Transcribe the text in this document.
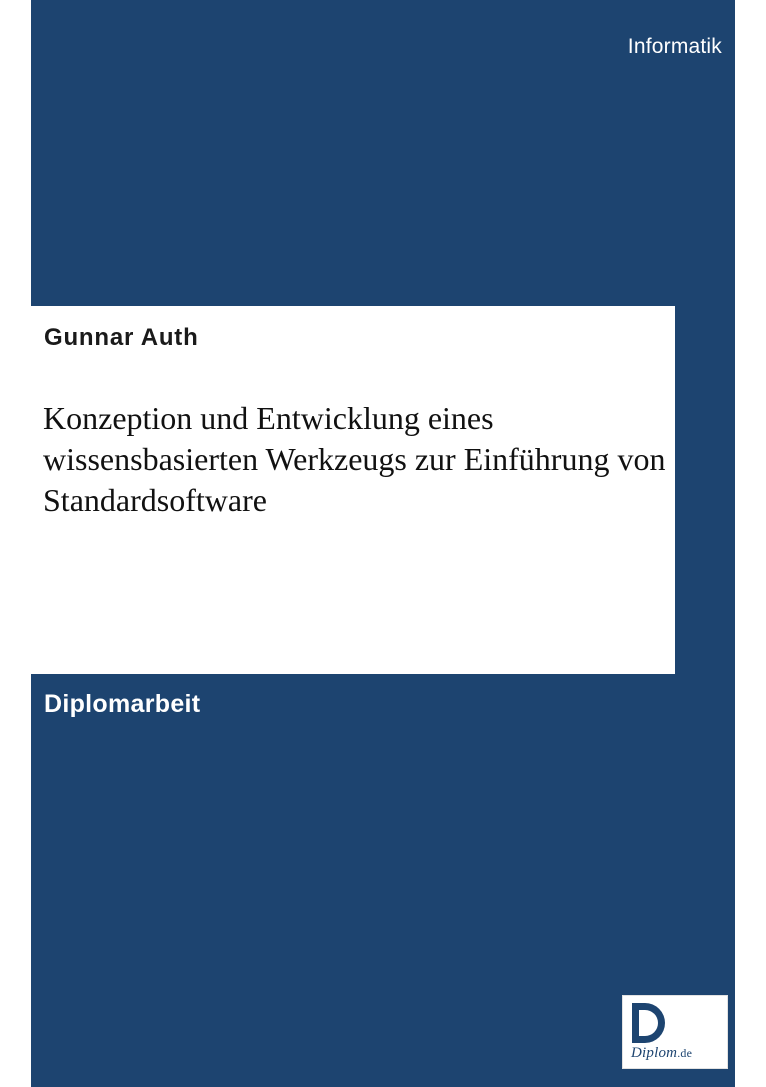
Informatik
Gunnar Auth
Konzeption und Entwicklung eines wissensbasierten Werkzeugs zur Einführung von Standardsoftware
Diplomarbeit
Diplom.de
